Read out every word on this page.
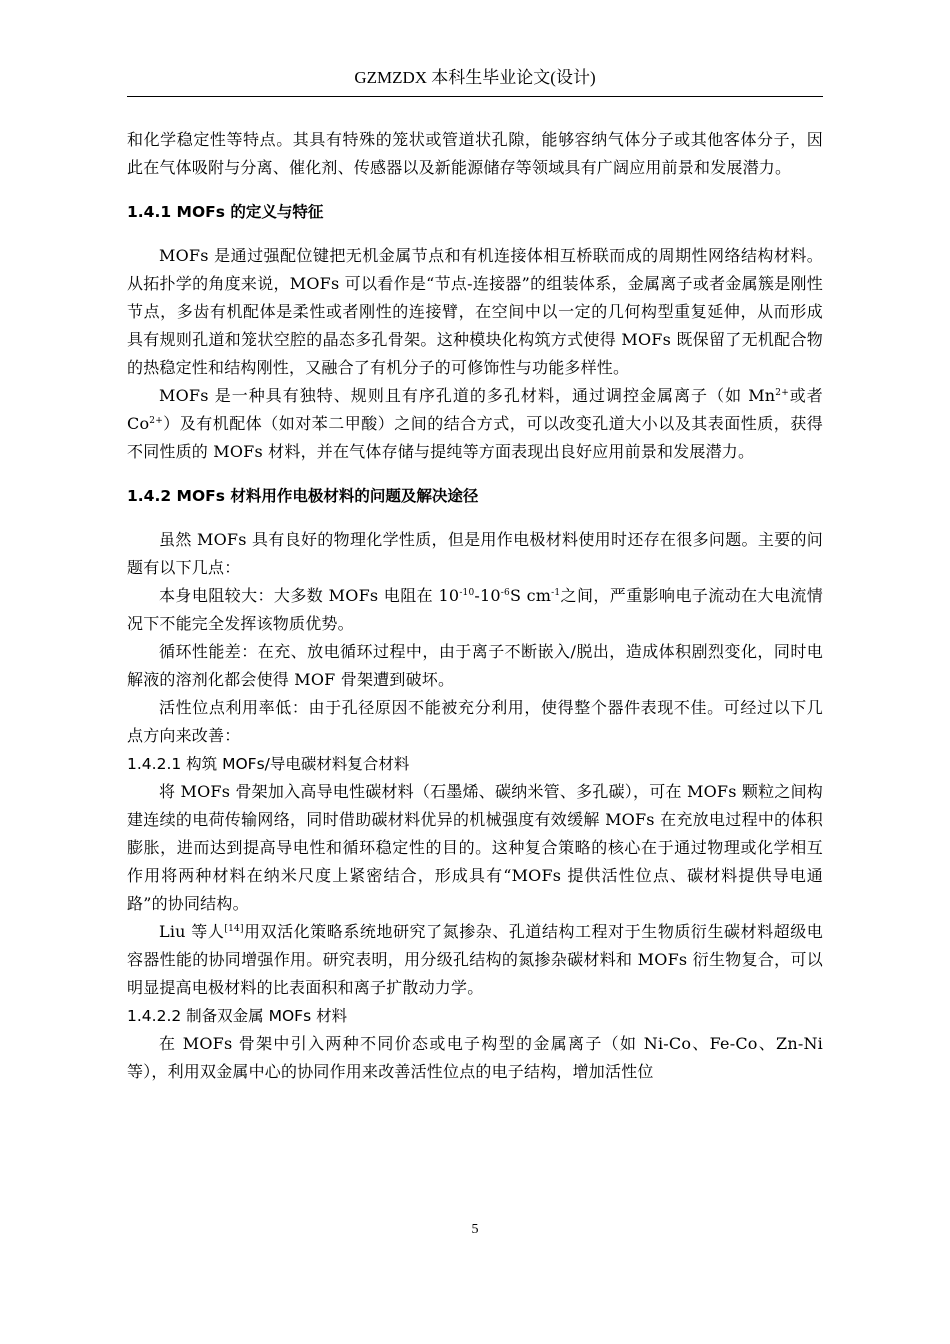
GZMZDX 本科生毕业论文(设计)

和化学稳定性等特点。其具有特殊的笼状或管道状孔隙，能够容纳气体分子或其他客体分子，因此在气体吸附与分离、催化剂、传感器以及新能源储存等领域具有广阔应用前景和发展潜力。

1.4.1 MOFs 的定义与特征

MOFs 是通过强配位键把无机金属节点和有机连接体相互桥联而成的周期性网络结构材料。从拓扑学的角度来说，MOFs 可以看作是“节点-连接器”的组装体系，金属离子或者金属簇是刚性节点，多齿有机配体是柔性或者刚性的连接臂，在空间中以一定的几何构型重复延伸，从而形成具有规则孔道和笼状空腔的晶态多孔骨架。这种模块化构筑方式使得 MOFs 既保留了无机配合物的热稳定性和结构刚性，又融合了有机分子的可修饰性与功能多样性。

MOFs 是一种具有独特、规则且有序孔道的多孔材料，通过调控金属离子（如 $Mn^{2+}$或者 $Co^{2+}$）及有机配体（如对苯二甲酸）之间的结合方式，可以改变孔道大小以及其表面性质，获得不同性质的 MOFs 材料，并在气体存储与提纯等方面表现出良好应用前景和发展潜力。

1.4.2 MOFs 材料用作电极材料的问题及解决途径

虽然 MOFs 具有良好的物理化学性质，但是用作电极材料使用时还存在很多问题。主要的问题有以下几点：

本身电阻较大：大多数 MOFs 电阻在 $10^{-10}-10^{-6}S$ $cm^{-1}$之间，严重影响电子流动在大电流情况下不能完全发挥该物质优势。

循环性能差：在充、放电循环过程中，由于离子不断嵌入/脱出，造成体积剧烈变化，同时电解液的溶剂化都会使得 MOF 骨架遭到破坏。

活性位点利用率低：由于孔径原因不能被充分利用，使得整个器件表现不佳。可经过以下几点方向来改善：

1.4.2.1 构筑 MOFs/导电碳材料复合材料

将 MOFs 骨架加入高导电性碳材料（石墨烯、碳纳米管、多孔碳），可在 MOFs 颗粒之间构建连续的电荷传输网络，同时借助碳材料优异的机械强度有效缓解 MOFs 在充放电过程中的体积膨胀，进而达到提高导电性和循环稳定性的目的。这种复合策略的核心在于通过物理或化学相互作用将两种材料在纳米尺度上紧密结合，形成具有“MOFs 提供活性位点、碳材料提供导电通路”的协同结构。

Liu 等人[14]用双活化策略系统地研究了氮掺杂、孔道结构工程对于生物质衍生碳材料超级电容器性能的协同增强作用。研究表明，用分级孔结构的氮掺杂碳材料和 MOFs 衍生物复合，可以明显提高电极材料的比表面积和离子扩散动力学。

1.4.2.2 制备双金属 MOFs 材料

在 MOFs 骨架中引入两种不同价态或电子构型的金属离子（如 Ni-Co、Fe-Co、Zn-Ni 等），利用双金属中心的协同作用来改善活性位点的电子结构，增加活性位

5
